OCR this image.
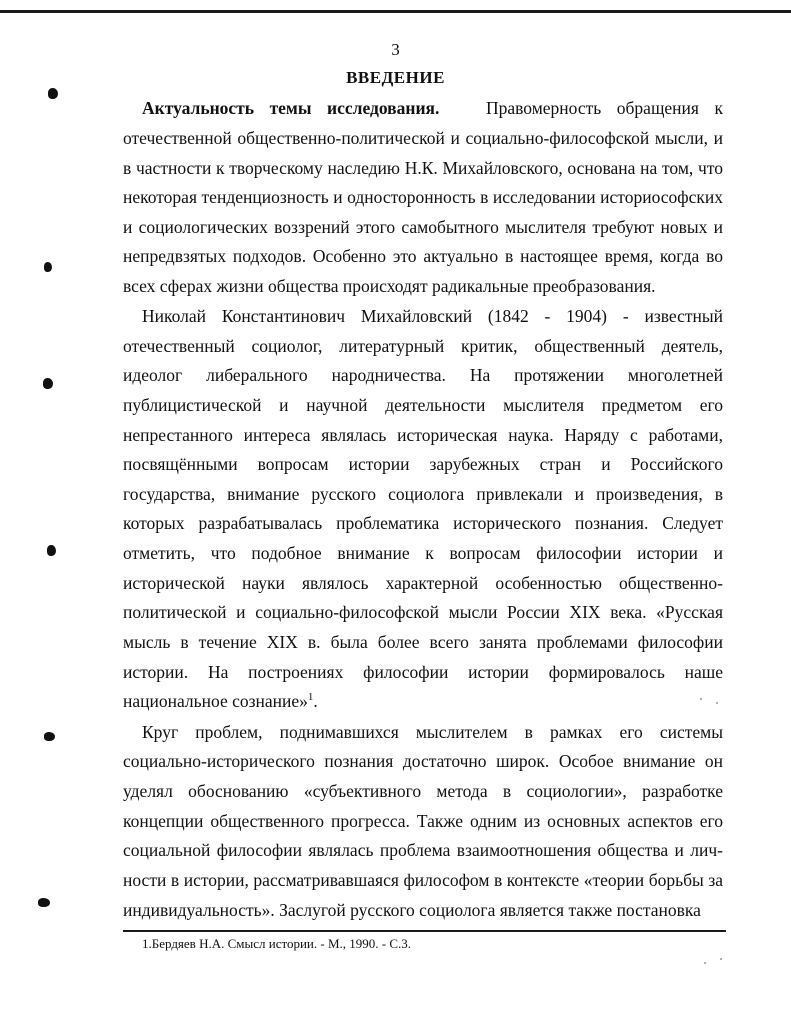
3
ВВЕДЕНИЕ
Актуальность темы исследования.	Правомерность обращения к
отечественной общественно-политической и социально-философской мысли, и
в частности к творческому наследию Н.К. Михайловского, основана на том, что
некоторая тенденциозность и односторонность в исследовании историософских
и социологических воззрений этого самобытного мыслителя требуют новых и
непредвзятых подходов. Особенно это актуально в настоящее время, когда во
всех сферах жизни общества происходят радикальные преобразования.
Николай Константинович Михайловский (1842 - 1904) - известный
отечественный социолог, литературный критик, общественный деятель,
идеолог либерального народничества. На протяжении многолетней
публицистической и научной деятельности мыслителя предметом его
непрестанного интереса являлась историческая наука. Наряду с работами,
посвящёнными вопросам истории зарубежных стран и Российского
государства, внимание русского социолога привлекали и произведения, в
которых разрабатывалась проблематика исторического познания. Следует
отметить, что подобное внимание к вопросам философии истории и
исторической науки являлось характерной особенностью общественно-
политической и социально-философской мысли России XIX века. «Русская
мысль в течение XIX в. была более всего занята проблемами философии
истории. На построениях философии истории формировалось наше
национальное сознание»$^1$.
Круг проблем, поднимавшихся мыслителем в рамках его системы
социально-исторического познания достаточно широк. Особое внимание он
уделял обоснованию «субъективного метода в социологии», разработке
концепции общественного прогресса. Также одним из основных аспектов его
социальной философии являлась проблема взаимоотношения общества и лич-
ности в истории, рассматривавшаяся философом в контексте «теории борьбы за
индивидуальность». Заслугой русского социолога является также постановка
1.Бердяев Н.А. Смысл истории. - М., 1990. - С.3.
